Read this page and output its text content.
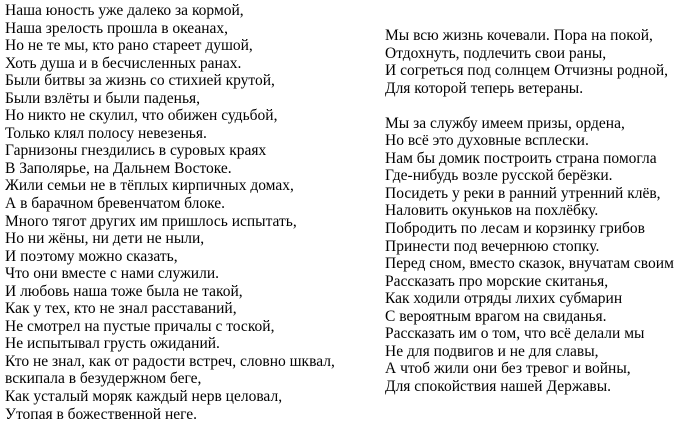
Наша юность уже далеко за кормой,
Наша зрелость прошла в океанах,
Но не те мы, кто рано стареет душой,
Хоть душа и в бесчисленных ранах.
Были битвы за жизнь со стихией крутой,
Были взлёты и были паденья,
Но никто не скулил, что обижен судьбой,
Только клял полосу невезенья.
Гарнизоны гнездились в суровых краях
В Заполярье, на Дальнем Востоке.
Жили семьи не в тёплых кирпичных домах,
А в барачном бревенчатом блоке.
Много тягот других им пришлось испытать,
Но ни жёны, ни дети не ныли,
И поэтому можно сказать,
Что они вместе с нами служили.
И любовь наша тоже была не такой,
Как у тех, кто не знал расставаний,
Не смотрел на пустые причалы с тоской,
Не испытывал грусть ожиданий.
Кто не знал, как от радости встреч, словно шквал,
вскипала в безудержном беге,
Как усталый моряк каждый нерв целовал,
Утопая в божественной неге.
Мы всю жизнь кочевали. Пора на покой,
Отдохнуть, подлечить свои раны,
И согреться под солнцем Отчизны родной,
Для которой теперь ветераны.
Мы за службу имеем призы, ордена,
Но всё это духовные всплески.
Нам бы домик построить страна помогла
Где-нибудь возле русской берёзки.
Посидеть у реки в ранний утренний клёв,
Наловить окуньков на похлёбку.
Побродить по лесам и корзинку грибов
Принести под вечернюю стопку.
Перед сном, вместо сказок, внучатам своим
Рассказать про морские скитанья,
Как ходили отряды лихих субмарин
С вероятным врагом на свиданья.
Рассказать им о том, что всё делали мы
Не для подвигов и не для славы,
А чтоб жили они без тревог и войны,
Для спокойствия нашей Державы.
